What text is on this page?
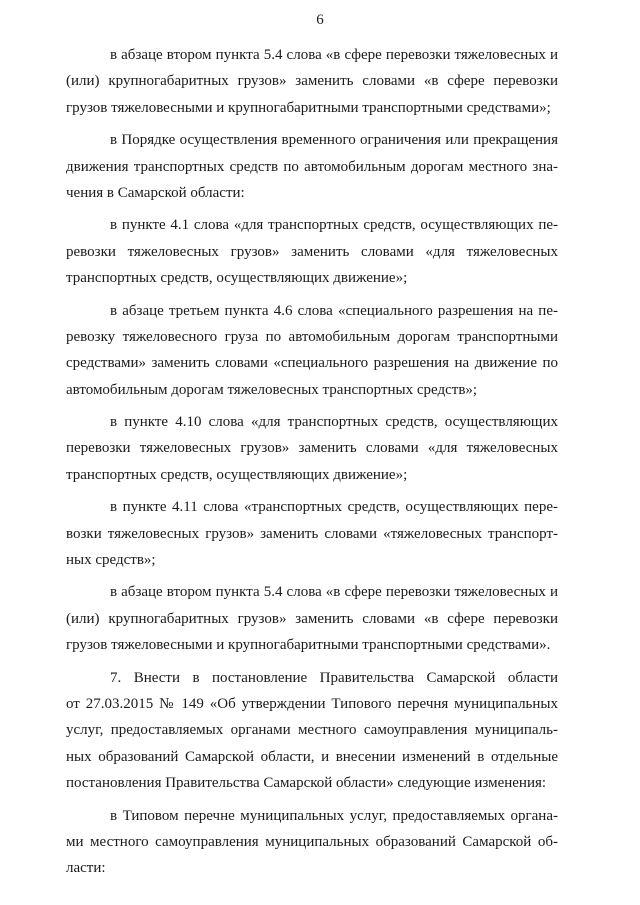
6
в абзаце втором пункта 5.4 слова «в сфере перевозки тяжеловесных и
(или) крупногабаритных грузов» заменить словами «в сфере перевозки
грузов тяжеловесными и крупногабаритными транспортными средствами»;
в Порядке осуществления временного ограничения или прекращения
движения транспортных средств по автомобильным дорогам местного зна-
чения в Самарской области:
в пункте 4.1 слова «для транспортных средств, осуществляющих пе-
ревозки тяжеловесных грузов» заменить словами «для тяжеловесных
транспортных средств, осуществляющих движение»;
в абзаце третьем пункта 4.6 слова «специального разрешения на пе-
ревозку тяжеловесного груза по автомобильным дорогам транспортными
средствами» заменить словами «специального разрешения на движение по
автомобильным дорогам тяжеловесных транспортных средств»;
в пункте 4.10 слова «для транспортных средств, осуществляющих
перевозки тяжеловесных грузов» заменить словами «для тяжеловесных
транспортных средств, осуществляющих движение»;
в пункте 4.11 слова «транспортных средств, осуществляющих пере-
возки тяжеловесных грузов» заменить словами «тяжеловесных транспорт-
ных средств»;
в абзаце втором пункта 5.4 слова «в сфере перевозки тяжеловесных и
(или) крупногабаритных грузов» заменить словами «в сфере перевозки
грузов тяжеловесными и крупногабаритными транспортными средствами».
7. Внести в постановление Правительства Самарской области
от 27.03.2015 № 149 «Об утверждении Типового перечня муниципальных
услуг, предоставляемых органами местного самоуправления муниципаль-
ных образований Самарской области, и внесении изменений в отдельные
постановления Правительства Самарской области» следующие изменения:
в Типовом перечне муниципальных услуг, предоставляемых органа-
ми местного самоуправления муниципальных образований Самарской об-
ласти:
